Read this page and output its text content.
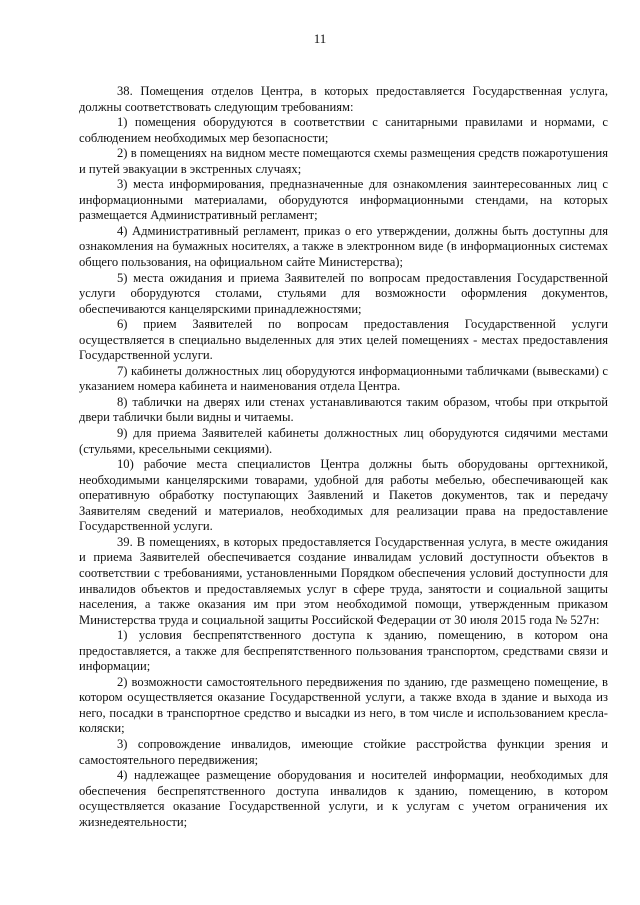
11

38. Помещения отделов Центра, в которых предоставляется Государственная услуга, должны соответствовать следующим требованиям:

1) помещения оборудуются в соответствии с санитарными правилами и нормами, с соблюдением необходимых мер безопасности;

2) в помещениях на видном месте помещаются схемы размещения средств пожаротушения и путей эвакуации в экстренных случаях;

3) места информирования, предназначенные для ознакомления заинтересованных лиц с информационными материалами, оборудуются информационными стендами, на которых размещается Административный регламент;

4) Административный регламент, приказ о его утверждении, должны быть доступны для ознакомления на бумажных носителях, а также в электронном виде (в информационных системах общего пользования, на официальном сайте Министерства);

5) места ожидания и приема Заявителей по вопросам предоставления Государственной услуги оборудуются столами, стульями для возможности оформления документов, обеспечиваются канцелярскими принадлежностями;

6) прием Заявителей по вопросам предоставления Государственной услуги осуществляется в специально выделенных для этих целей помещениях - местах предоставления Государственной услуги.

7) кабинеты должностных лиц оборудуются информационными табличками (вывесками) с указанием номера кабинета и наименования отдела Центра.

8) таблички на дверях или стенах устанавливаются таким образом, чтобы при открытой двери таблички были видны и читаемы.

9) для приема Заявителей кабинеты должностных лиц оборудуются сидячими местами (стульями, кресельными секциями).

10) рабочие места специалистов Центра должны быть оборудованы оргтехникой, необходимыми канцелярскими товарами, удобной для работы мебелью, обеспечивающей как оперативную обработку поступающих Заявлений и Пакетов документов, так и передачу Заявителям сведений и материалов, необходимых для реализации права на предоставление Государственной услуги.

39. В помещениях, в которых предоставляется Государственная услуга, в месте ожидания и приема Заявителей обеспечивается создание инвалидам условий доступности объектов в соответствии с требованиями, установленными Порядком обеспечения условий доступности для инвалидов объектов и предоставляемых услуг в сфере труда, занятости и социальной защиты населения, а также оказания им при этом необходимой помощи, утвержденным приказом Министерства труда и социальной защиты Российской Федерации от 30 июля 2015 года № 527н:

1) условия беспрепятственного доступа к зданию, помещению, в котором она предоставляется, а также для беспрепятственного пользования транспортом, средствами связи и информации;

2) возможности самостоятельного передвижения по зданию, где размещено помещение, в котором осуществляется оказание Государственной услуги, а также входа в здание и выхода из него, посадки в транспортное средство и высадки из него, в том числе и использованием кресла-коляски;

3) сопровождение инвалидов, имеющие стойкие расстройства функции зрения и самостоятельного передвижения;

4) надлежащее размещение оборудования и носителей информации, необходимых для обеспечения беспрепятственного доступа инвалидов к зданию, помещению, в котором осуществляется оказание Государственной услуги, и к услугам с учетом ограничения их жизнедеятельности;
